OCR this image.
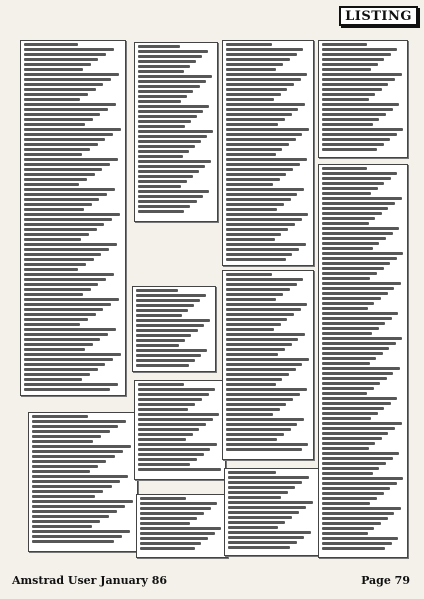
LISTING
Amstrad User January 86	Page 79
